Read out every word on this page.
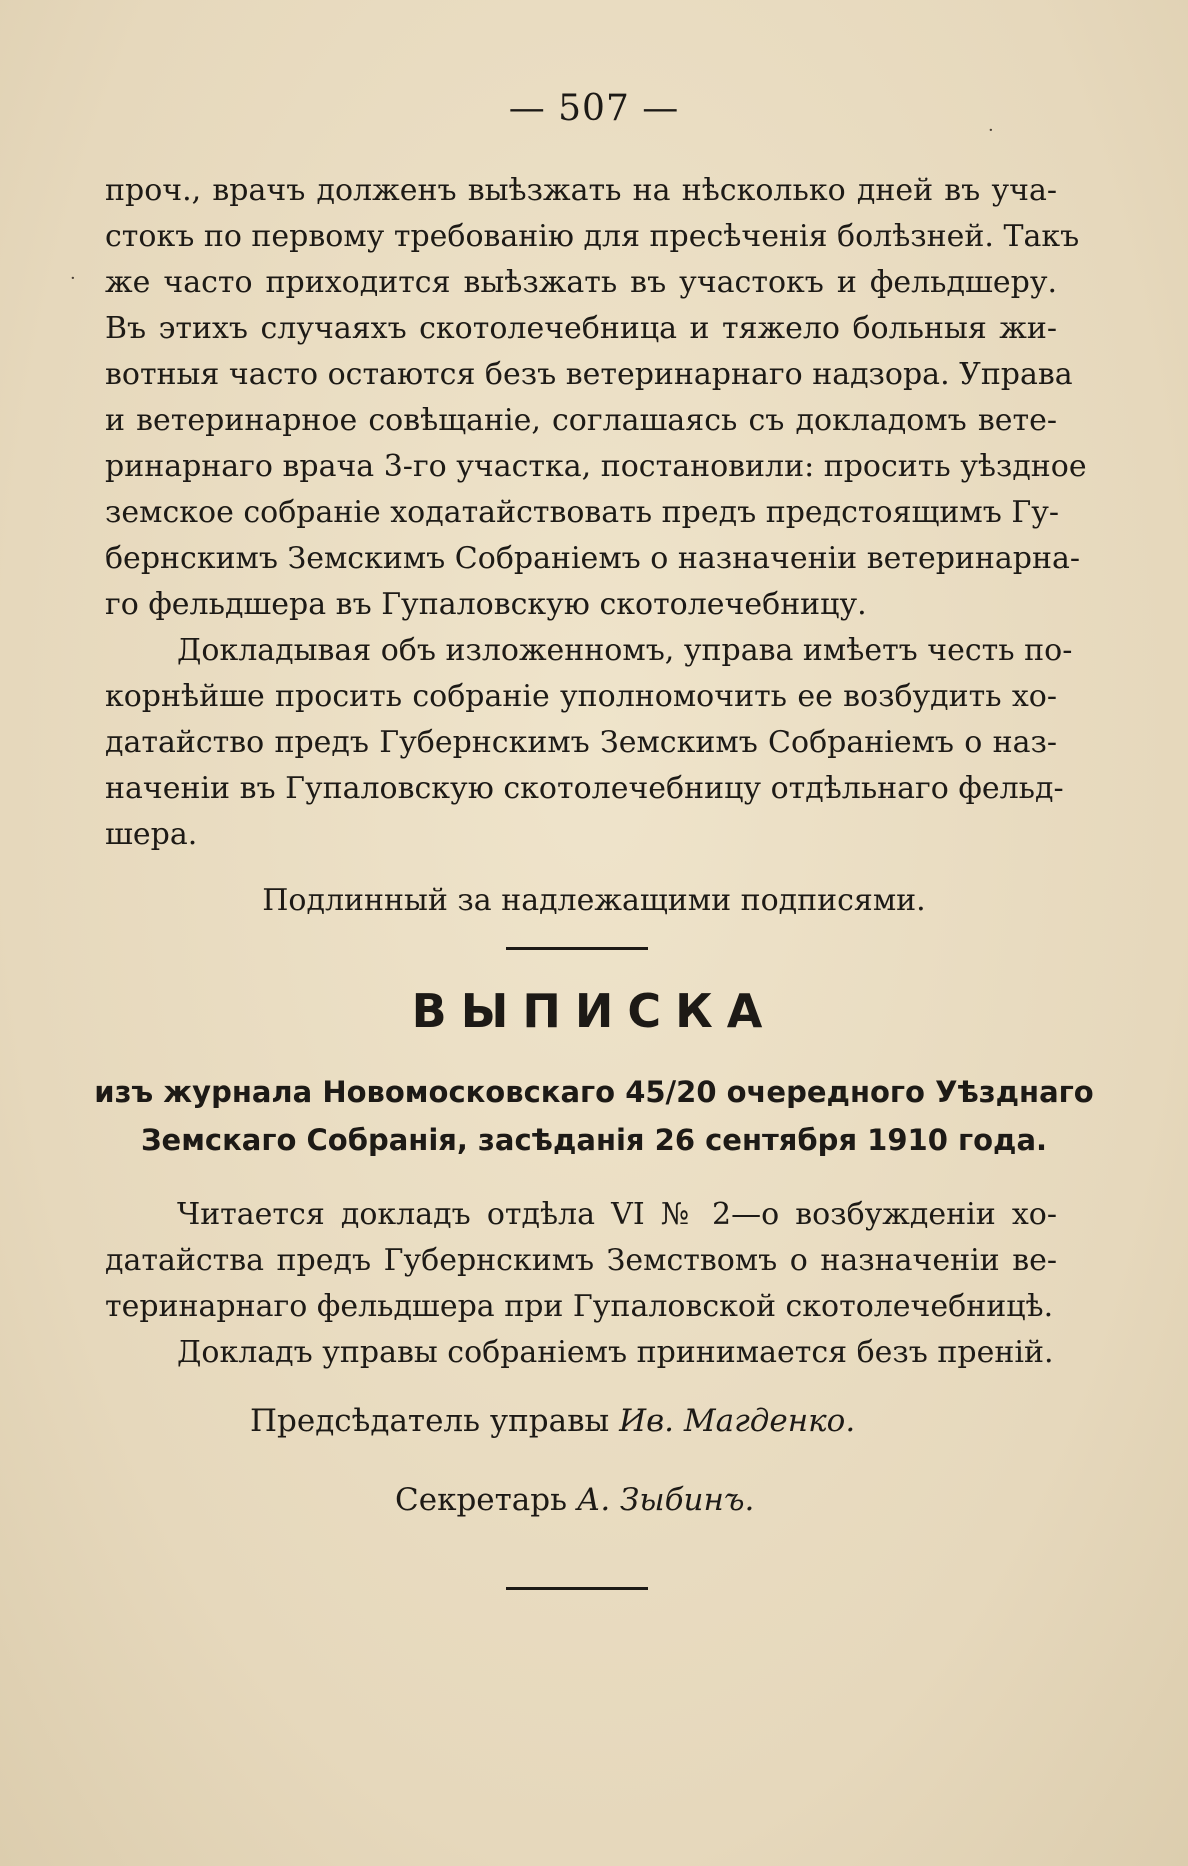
— 507 —
проч., врачъ долженъ выѣзжать на нѣсколько дней въ уча-
стокъ по первому требованію для пресѣченія болѣзней. Такъ
же часто приходится выѣзжать въ участокъ и фельдшеру.
Въ этихъ случаяхъ скотолечебница и тяжело больныя жи-
вотныя часто остаются безъ ветеринарнаго надзора. Управа
и ветеринарное совѣщаніе, соглашаясь съ докладомъ вете-
ринарнаго врача 3-го участка, постановили: просить уѣздное
земское собраніе ходатайствовать предъ предстоящимъ Гу-
бернскимъ Земскимъ Собраніемъ о назначеніи ветеринарна-
го фельдшера въ Гупаловскую скотолечебницу.
Докладывая объ изложенномъ, управа имѣетъ честь по-
корнѣйше просить собраніе уполномочить ее возбудить хо-
датайство предъ Губернскимъ Земскимъ Собраніемъ о наз-
наченіи въ Гупаловскую скотолечебницу отдѣльнаго фельд-
шера.
Подлинный за надлежащими подписями.
ВЫПИСКА
изъ журнала Новомосковскаго 45/20 очередного Уѣзднаго
Земскаго Собранія, засѣданія 26 сентября 1910 года.
Читается докладъ отдѣла VI № 2—о возбужденіи хо-
датайства предъ Губернскимъ Земствомъ о назначеніи ве-
теринарнаго фельдшера при Гупаловской скотолечебницѣ.
Докладъ управы собраніемъ принимается безъ преній.
Предсѣдатель управы Ив. Магденко.
Секретарь А. Зыбинъ.
·
·
